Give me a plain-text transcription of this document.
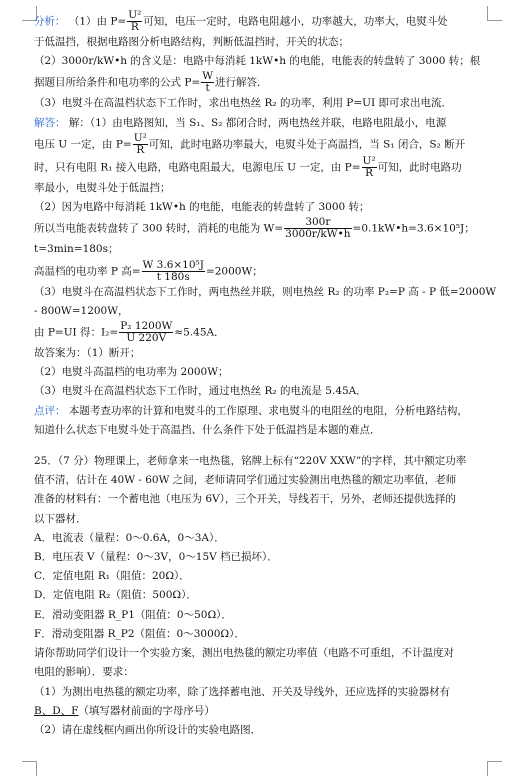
分析： （1）由 $P= \frac{\text{U²}}{R}$ 可知，电压一定时，电路电阻越小，功率越大，功率大，电熨斗处
于低温挡，根据电路图分析电路结构，判断低温挡时，开关的状态；
（2）3000r/kW•h 的含义是：电路中每消耗 1kW•h 的电能，电能表的转盘转了 3000 转；根
据题目所给条件和电功率的公式 $P= \frac{W}{t}$ 进行解答．
（3）电熨斗在高温档状态下工作时，求出电热丝 R₂ 的功率，利用 P=UI 即可求出电流．
解答： 解：（1）由电路图知，当 S₁、S₂ 都闭合时，两电热丝并联，电路电阻最小，电源
电压 U 一定，由 $P= \frac{\text{U²}}{R}$ 可知，此时电路功率最大，电熨斗处于高温挡，当 S₁ 闭合，S₂ 断开
时，只有电阻 R₁ 接入电路，电路电阻最大，电源电压 U 一定，由 $P= \frac{\text{U²}}{R}$ 可知，此时电路功
率最小，电熨斗处于低温挡；
（2）因为电路中每消耗 1kW•h 的电能，电能表的转盘转了 3000 转；
所以当电能表转盘转了 300 转时，消耗的电能为 $W= \frac{300r}{3000r/kW•h}$ =0.1kW•h=3.6×10⁵J；
t=3min=180s；
高温档的电功率 P 高= $\frac{\text{W 3.6×10⁵J}}{t 180s} =2000W$；
（3）电熨斗在高温档状态下工作时，两电热丝并联，则电热丝 R₂ 的功率 P₂=P 高 - P 低=2000W
- 800W=1200W，
由 P=UI 得：$I_2= \frac{\text{P₂ 1200W}}{U 220V} \approx 5.45A$．
故答案为：（1）断开；
（2）电熨斗高温档的电功率为 2000W；
（3）电熨斗在高温档状态下工作时，通过电热丝 R₂ 的电流是 5.45A．
点评： 本题考查功率的计算和电熨斗的工作原理、求电熨斗的电阻丝的电阻，分析电路结构，
知道什么状态下电熨斗处于高温挡、什么条件下处于低温挡是本题的难点．
25．（7 分）物理课上，老师拿来一电热毯，铭牌上标有“220V XXW”的字样，其中额定功率
值不清，估计在 40W - 60W 之间，老师请同学们通过实验测出电热毯的额定功率值，老师
准备的材料有：一个蓄电池（电压为 6V），三个开关，导线若干，另外，老师还提供选择的
以下器材．
A．电流表（量程：0～0.6A，0～3A）．
B．电压表 V（量程：0～3V，0～15V 档已损坏）．
C．定值电阻 R₁（阻值：20Ω）．
D．定值电阻 R₂（阻值：500Ω）．
E．滑动变阻器 R_P1（阻值：0～50Ω）．
F．滑动变阻器 R_P2（阻值：0～3000Ω）．
请你帮助同学们设计一个实验方案，测出电热毯的额定功率值（电路不可重组，不计温度对
电阻的影响）．要求：
（1）为测出电热毯的额定功率，除了选择蓄电池、开关及导线外，还应选择的实验器材有
B、D、F（填写器材前面的字母序号）
（2）请在虚线框内画出你所设计的实验电路图．
